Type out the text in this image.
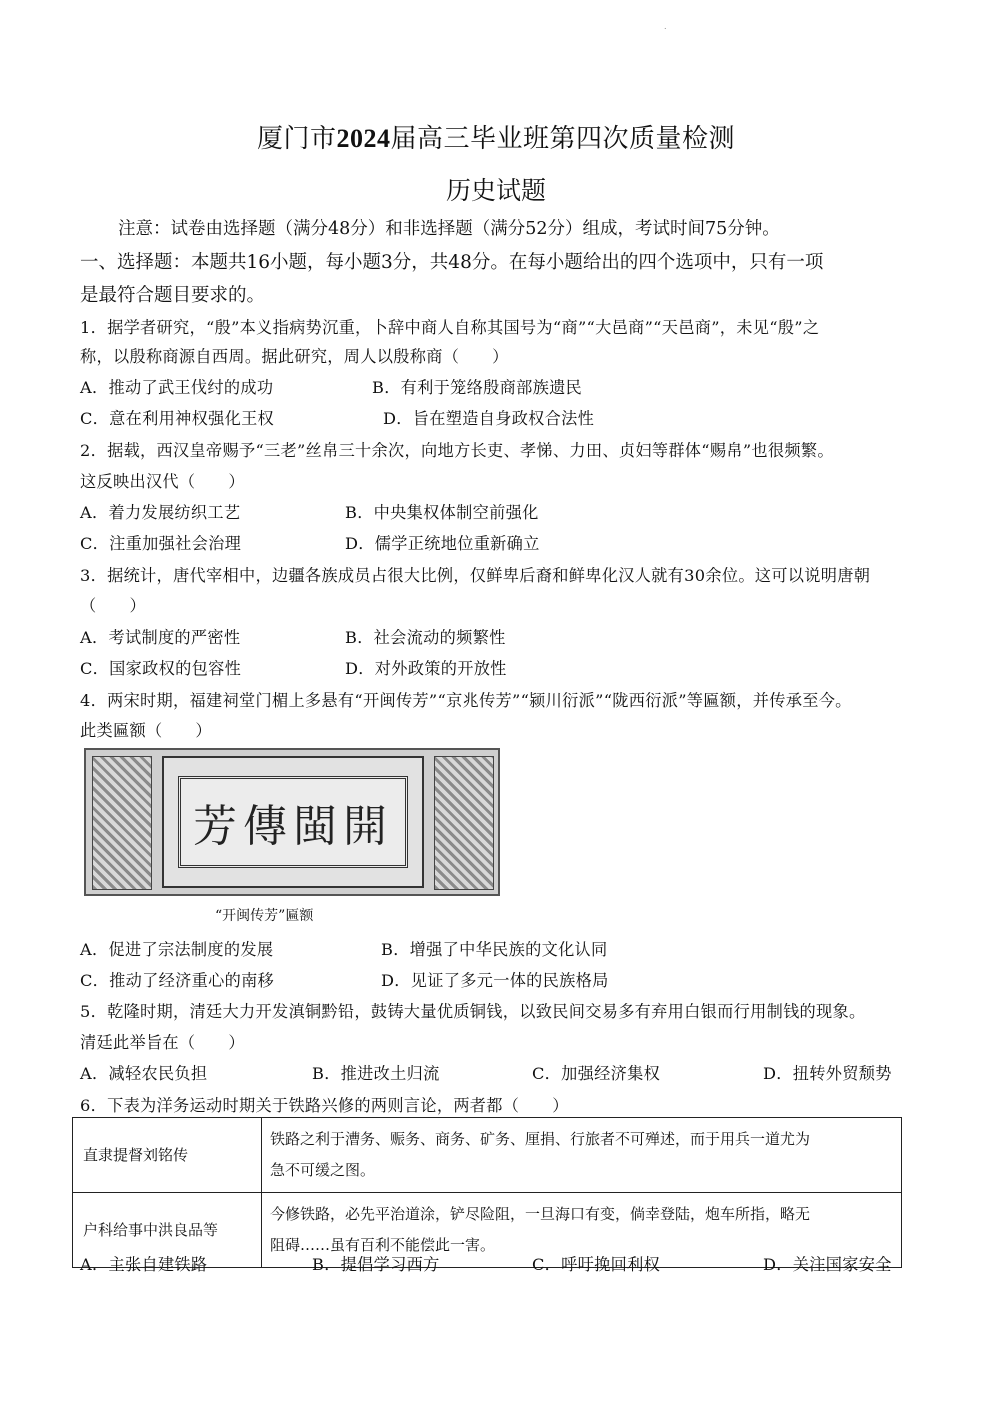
.
厦门市2024届高三毕业班第四次质量检测
历史试题
注意：试卷由选择题（满分48分）和非选择题（满分52分）组成，考试时间75分钟。
一、选择题：本题共16小题，每小题3分，共48分。在每小题给出的四个选项中，只有一项
是最符合题目要求的。
1．据学者研究，“殷”本义指病势沉重，卜辞中商人自称其国号为“商”“大邑商”“天邑商”，未见“殷”之
称，以殷称商源自西周。据此研究，周人以殷称商（　　）
A．推动了武王伐纣的成功	B．有利于笼络殷商部族遗民
C．意在利用神权强化王权	D．旨在塑造自身政权合法性
2．据载，西汉皇帝赐予“三老”丝帛三十余次，向地方长吏、孝悌、力田、贞妇等群体“赐帛”也很频繁。
这反映出汉代（　　）
A．着力发展纺织工艺	B．中央集权体制空前强化
C．注重加强社会治理	D．儒学正统地位重新确立
3．据统计，唐代宰相中，边疆各族成员占很大比例，仅鲜卑后裔和鲜卑化汉人就有30余位。这可以说明唐朝
（　　）
A．考试制度的严密性	B．社会流动的频繁性
C．国家政权的包容性	D．对外政策的开放性
4．两宋时期，福建祠堂门楣上多悬有“开闽传芳”“京兆传芳”“颍川衍派”“陇西衍派”等匾额，并传承至今。
此类匾额（　　）
芳傳閩開
“开闽传芳”匾额
A．促进了宗法制度的发展	B．增强了中华民族的文化认同
C．推动了经济重心的南移	D．见证了多元一体的民族格局
5．乾隆时期，清廷大力开发滇铜黔铅，鼓铸大量优质铜钱，以致民间交易多有弃用白银而行用制钱的现象。
清廷此举旨在（　　）
A．减轻农民负担	B．推进改土归流	C．加强经济集权	D．扭转外贸颓势
6．下表为洋务运动时期关于铁路兴修的两则言论，两者都（　　）
直隶提督刘铭传	铁路之利于漕务、赈务、商务、矿务、厘捐、行旅者不可殚述，而于用兵一道尤为
急不可缓之图。
户科给事中洪良品等	今修铁路，必先平治道涂，铲尽险阻，一旦海口有变，倘幸登陆，炮车所指，略无
阻碍……虽有百利不能偿此一害。
A．主张自建铁路	B．提倡学习西方	C．呼吁挽回利权	D．关注国家安全
